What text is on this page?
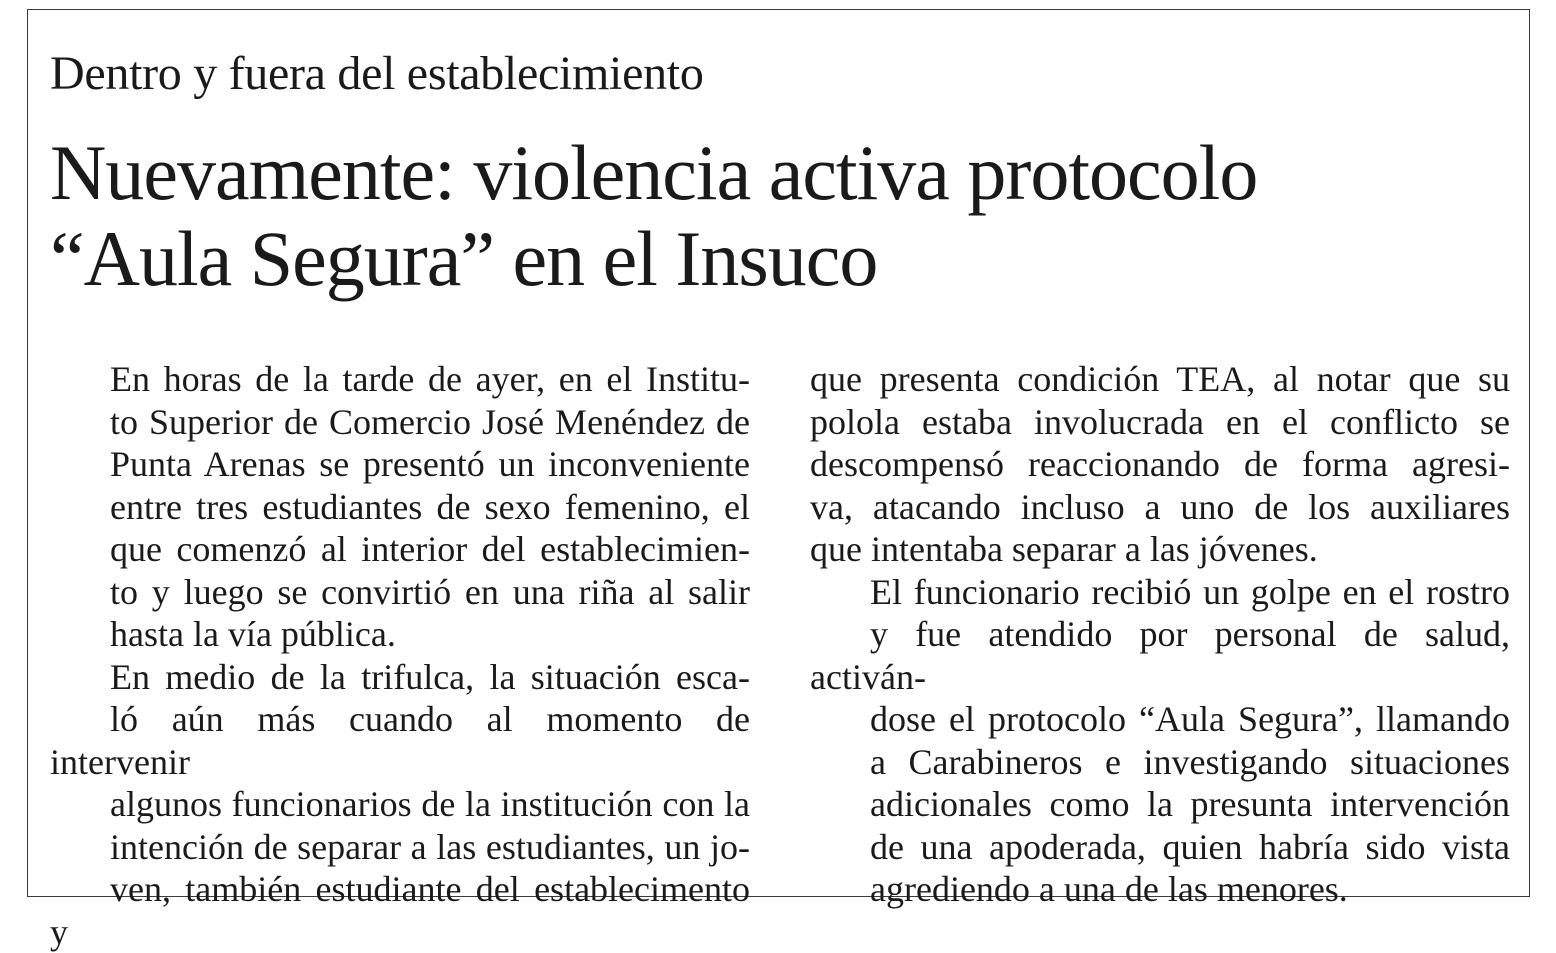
Dentro y fuera del establecimiento
Nuevamente: violencia activa protocolo
“Aula Segura” en el Insuco

En horas de la tarde de ayer, en el Institu-
to Superior de Comercio José Menéndez de
Punta Arenas se presentó un inconveniente
entre tres estudiantes de sexo femenino, el
que comenzó al interior del establecimien-
to y luego se convirtió en una riña al salir
hasta la vía pública.

En medio de la trifulca, la situación esca-
ló aún más cuando al momento de intervenir
algunos funcionarios de la institución con la
intención de separar a las estudiantes, un jo-
ven, también estudiante del establecimento y

que presenta condición TEA, al notar que su
polola estaba involucrada en el conflicto se
descompensó reaccionando de forma agresi-
va, atacando incluso a uno de los auxiliares
que intentaba separar a las jóvenes.

El funcionario recibió un golpe en el rostro
y fue atendido por personal de salud, activán-
dose el protocolo “Aula Segura”, llamando
a Carabineros e investigando situaciones
adicionales como la presunta intervención
de una apoderada, quien habría sido vista
agrediendo a una de las menores.
